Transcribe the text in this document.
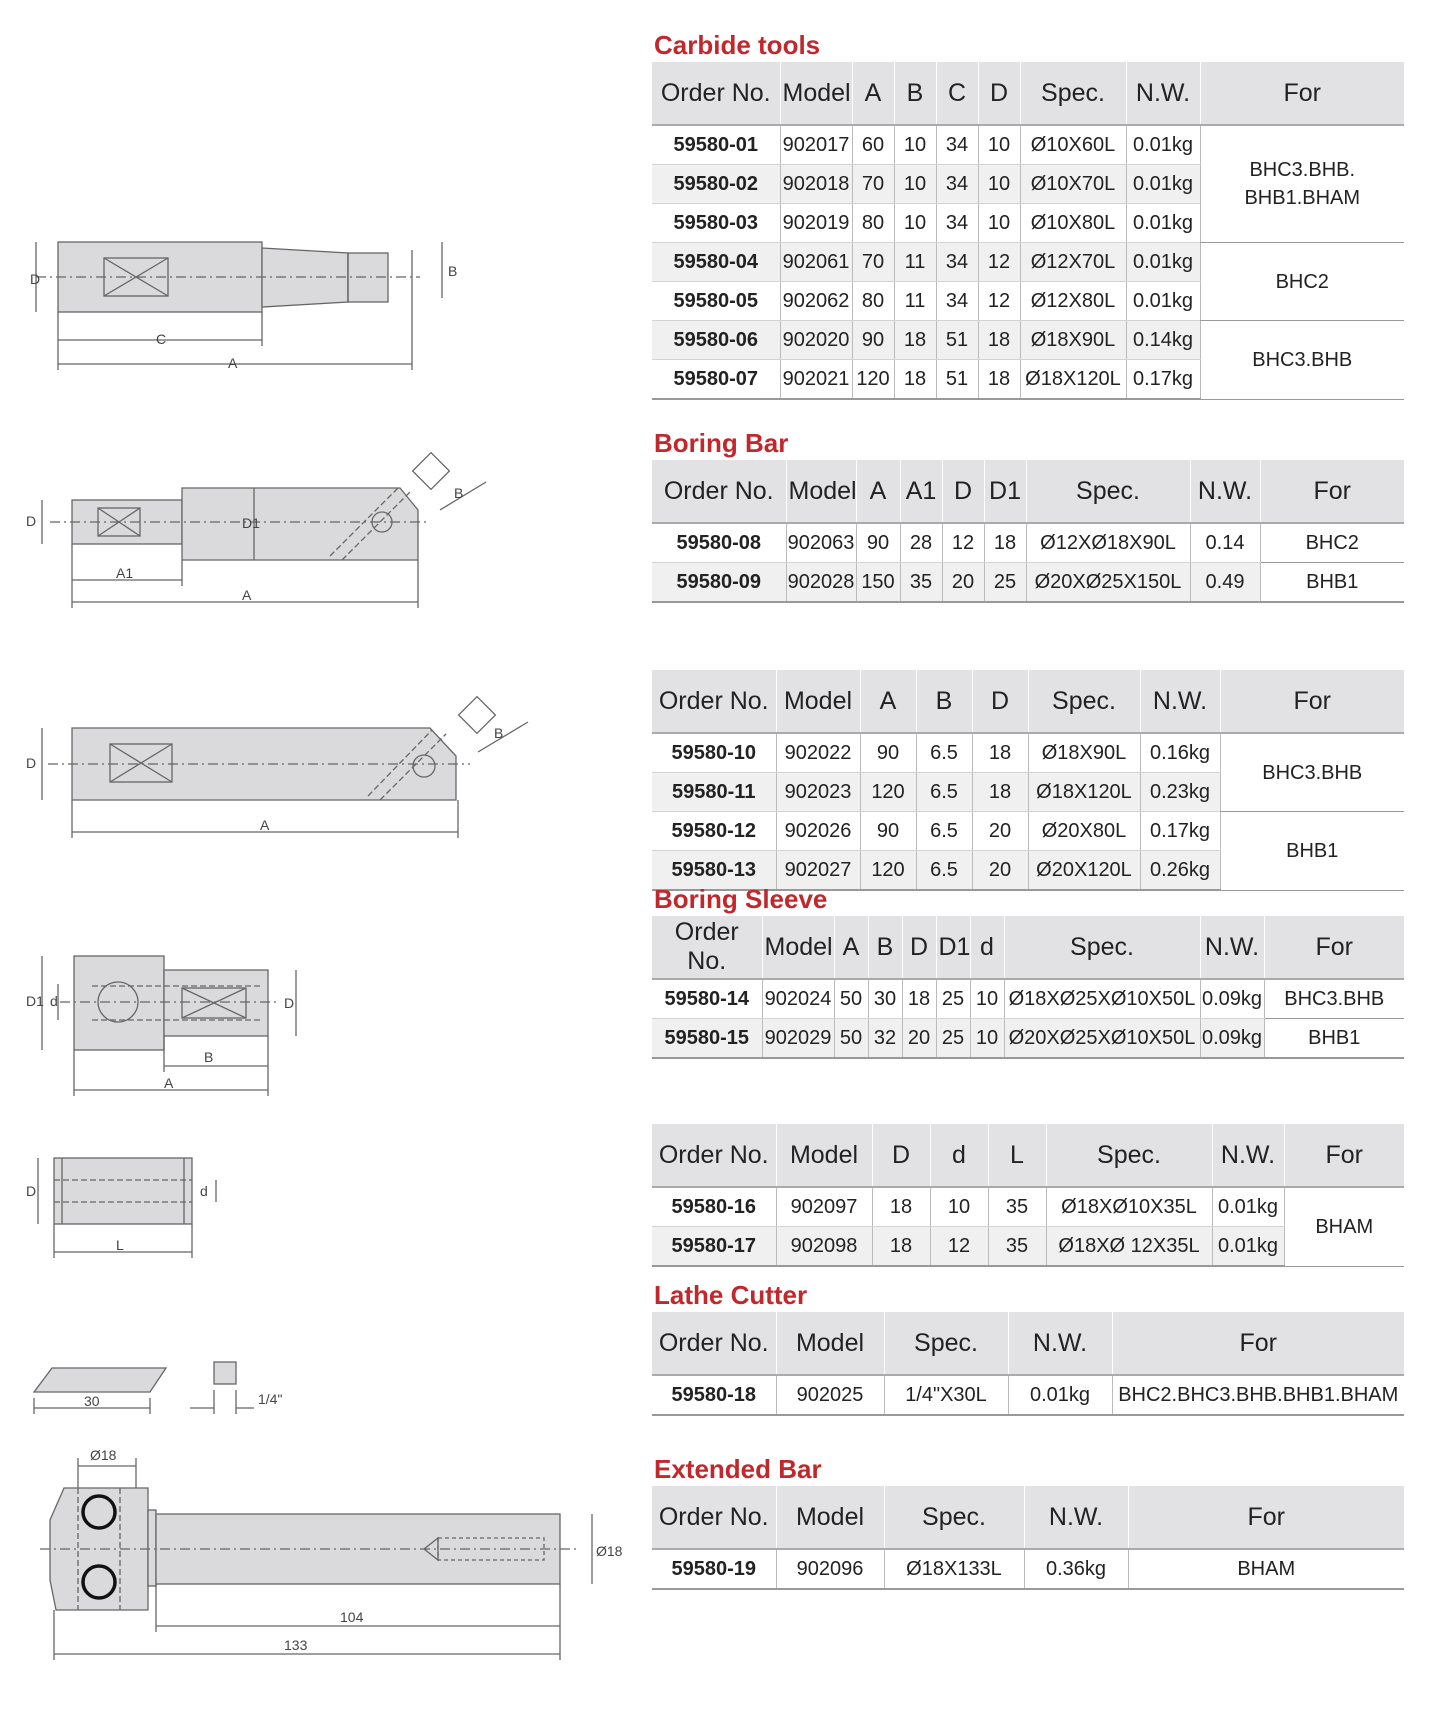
D	B
C
A
D	D1
B
A1
A
D
B
A
D1 d	D
B
A
D	d
L
30	1/4"
Ø18
Ø18
104
133
Carbide tools
Order No.	Model	A	B	C	D	Spec.	N.W.	For
59580-01	902017	60	10	34	10	Ø10X60L	0.01kg	BHC3.BHB.
BHB1.BHAM
59580-02	902018	70	10	34	10	Ø10X70L	0.01kg	
59580-03	902019	80	10	34	10	Ø10X80L	0.01kg	
59580-04	902061	70	11	34	12	Ø12X70L	0.01kg	BHC2
59580-05	902062	80	11	34	12	Ø12X80L	0.01kg	
59580-06	902020	90	18	51	18	Ø18X90L	0.14kg	BHC3.BHB
59580-07	902021	120	18	51	18	Ø18X120L	0.17kg	
Boring Bar
Order No.	Model	A	A1	D	D1	Spec.	N.W.	For
59580-08	902063	90	28	12	18	Ø12XØ18X90L	0.14	BHC2
59580-09	902028	150	35	20	25	Ø20XØ25X150L	0.49	BHB1
Order No.	Model	A	B	D	Spec.	N.W.	For
59580-10	902022	90	6.5	18	Ø18X90L	0.16kg	BHC3.BHB
59580-11	902023	120	6.5	18	Ø18X120L	0.23kg	
59580-12	902026	90	6.5	20	Ø20X80L	0.17kg	BHB1
59580-13	902027	120	6.5	20	Ø20X120L	0.26kg	
Boring Sleeve
Order No.	Model	A	B	D	D1	d	Spec.	N.W.	For
59580-14	902024	50	30	18	25	10	Ø18XØ25XØ10X50L	0.09kg	BHC3.BHB
59580-15	902029	50	32	20	25	10	Ø20XØ25XØ10X50L	0.09kg	BHB1
Order No.	Model	D	d	L	Spec.	N.W.	For
59580-16	902097	18	10	35	Ø18XØ10X35L	0.01kg	BHAM
59580-17	902098	18	12	35	Ø18XØ 12X35L	0.01kg	
Lathe Cutter
Order No.	Model	Spec.	N.W.	For
59580-18	902025	1/4"X30L	0.01kg	BHC2.BHC3.BHB.BHB1.BHAM
Extended Bar
Order No.	Model	Spec.	N.W.	For
59580-19	902096	Ø18X133L	0.36kg	BHAM
